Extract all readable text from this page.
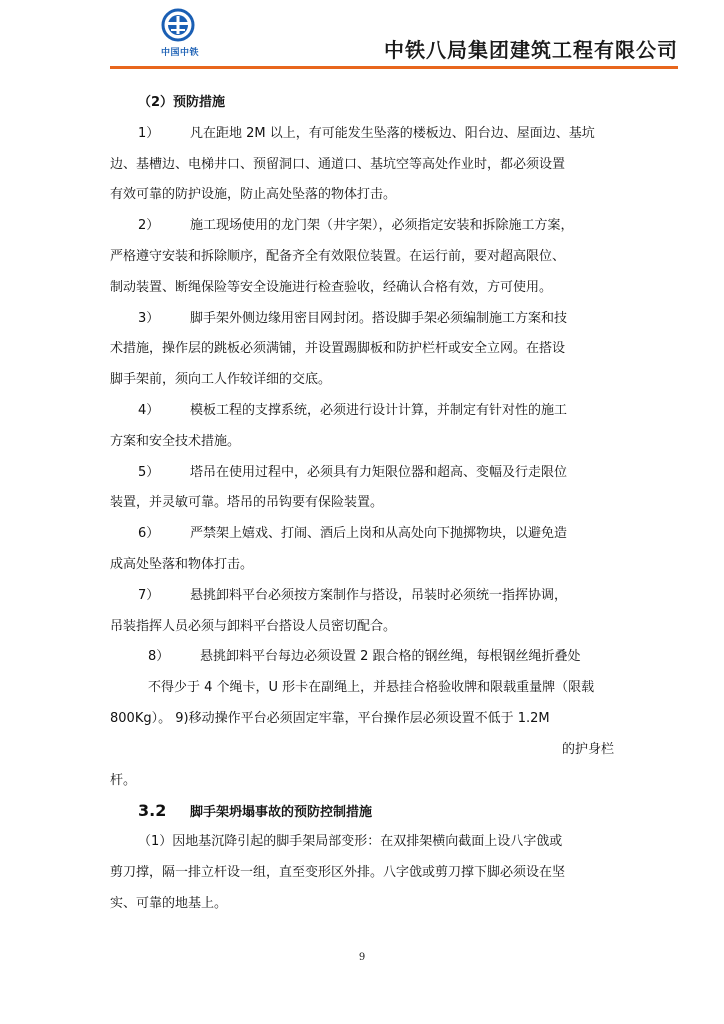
中国中铁	中铁八局集团建筑工程有限公司
（2）预防措施
1） 凡在距地 2M 以上，有可能发生坠落的楼板边、阳台边、屋面边、基坑
边、基槽边、电梯井口、预留洞口、通道口、基坑空等高处作业时，都必须设置
有效可靠的防护设施，防止高处坠落的物体打击。
2） 施工现场使用的龙门架（井字架），必须指定安装和拆除施工方案，
严格遵守安装和拆除顺序，配备齐全有效限位装置。在运行前，要对超高限位、
制动装置、断绳保险等安全设施进行检查验收，经确认合格有效，方可使用。
3） 脚手架外侧边缘用密目网封闭。搭设脚手架必须编制施工方案和技
术措施，操作层的跳板必须满铺，并设置踢脚板和防护栏杆或安全立网。在搭设
脚手架前，须向工人作较详细的交底。
4） 模板工程的支撑系统，必须进行设计计算，并制定有针对性的施工
方案和安全技术措施。
5） 塔吊在使用过程中，必须具有力矩限位器和超高、变幅及行走限位
装置，并灵敏可靠。塔吊的吊钩要有保险装置。
6） 严禁架上嬉戏、打闹、酒后上岗和从高处向下抛掷物块，以避免造
成高处坠落和物体打击。
7） 悬挑卸料平台必须按方案制作与搭设，吊装时必须统一指挥协调，
吊装指挥人员必须与卸料平台搭设人员密切配合。
8） 悬挑卸料平台每边必须设置 2 跟合格的钢丝绳，每根钢丝绳折叠处
不得少于 4 个绳卡，U 形卡在副绳上，并悬挂合格验收牌和限载重量牌（限载
800Kg）。 9)移动操作平台必须固定牢靠，平台操作层必须设置不低于 1.2M
的护身栏
杆。
3.2 脚手架坍塌事故的预防控制措施
（1）因地基沉降引起的脚手架局部变形：在双排架横向截面上设八字戗或
剪刀撑，隔一排立杆设一组，直至变形区外排。八字戗或剪刀撑下脚必须设在坚
实、可靠的地基上。
9
